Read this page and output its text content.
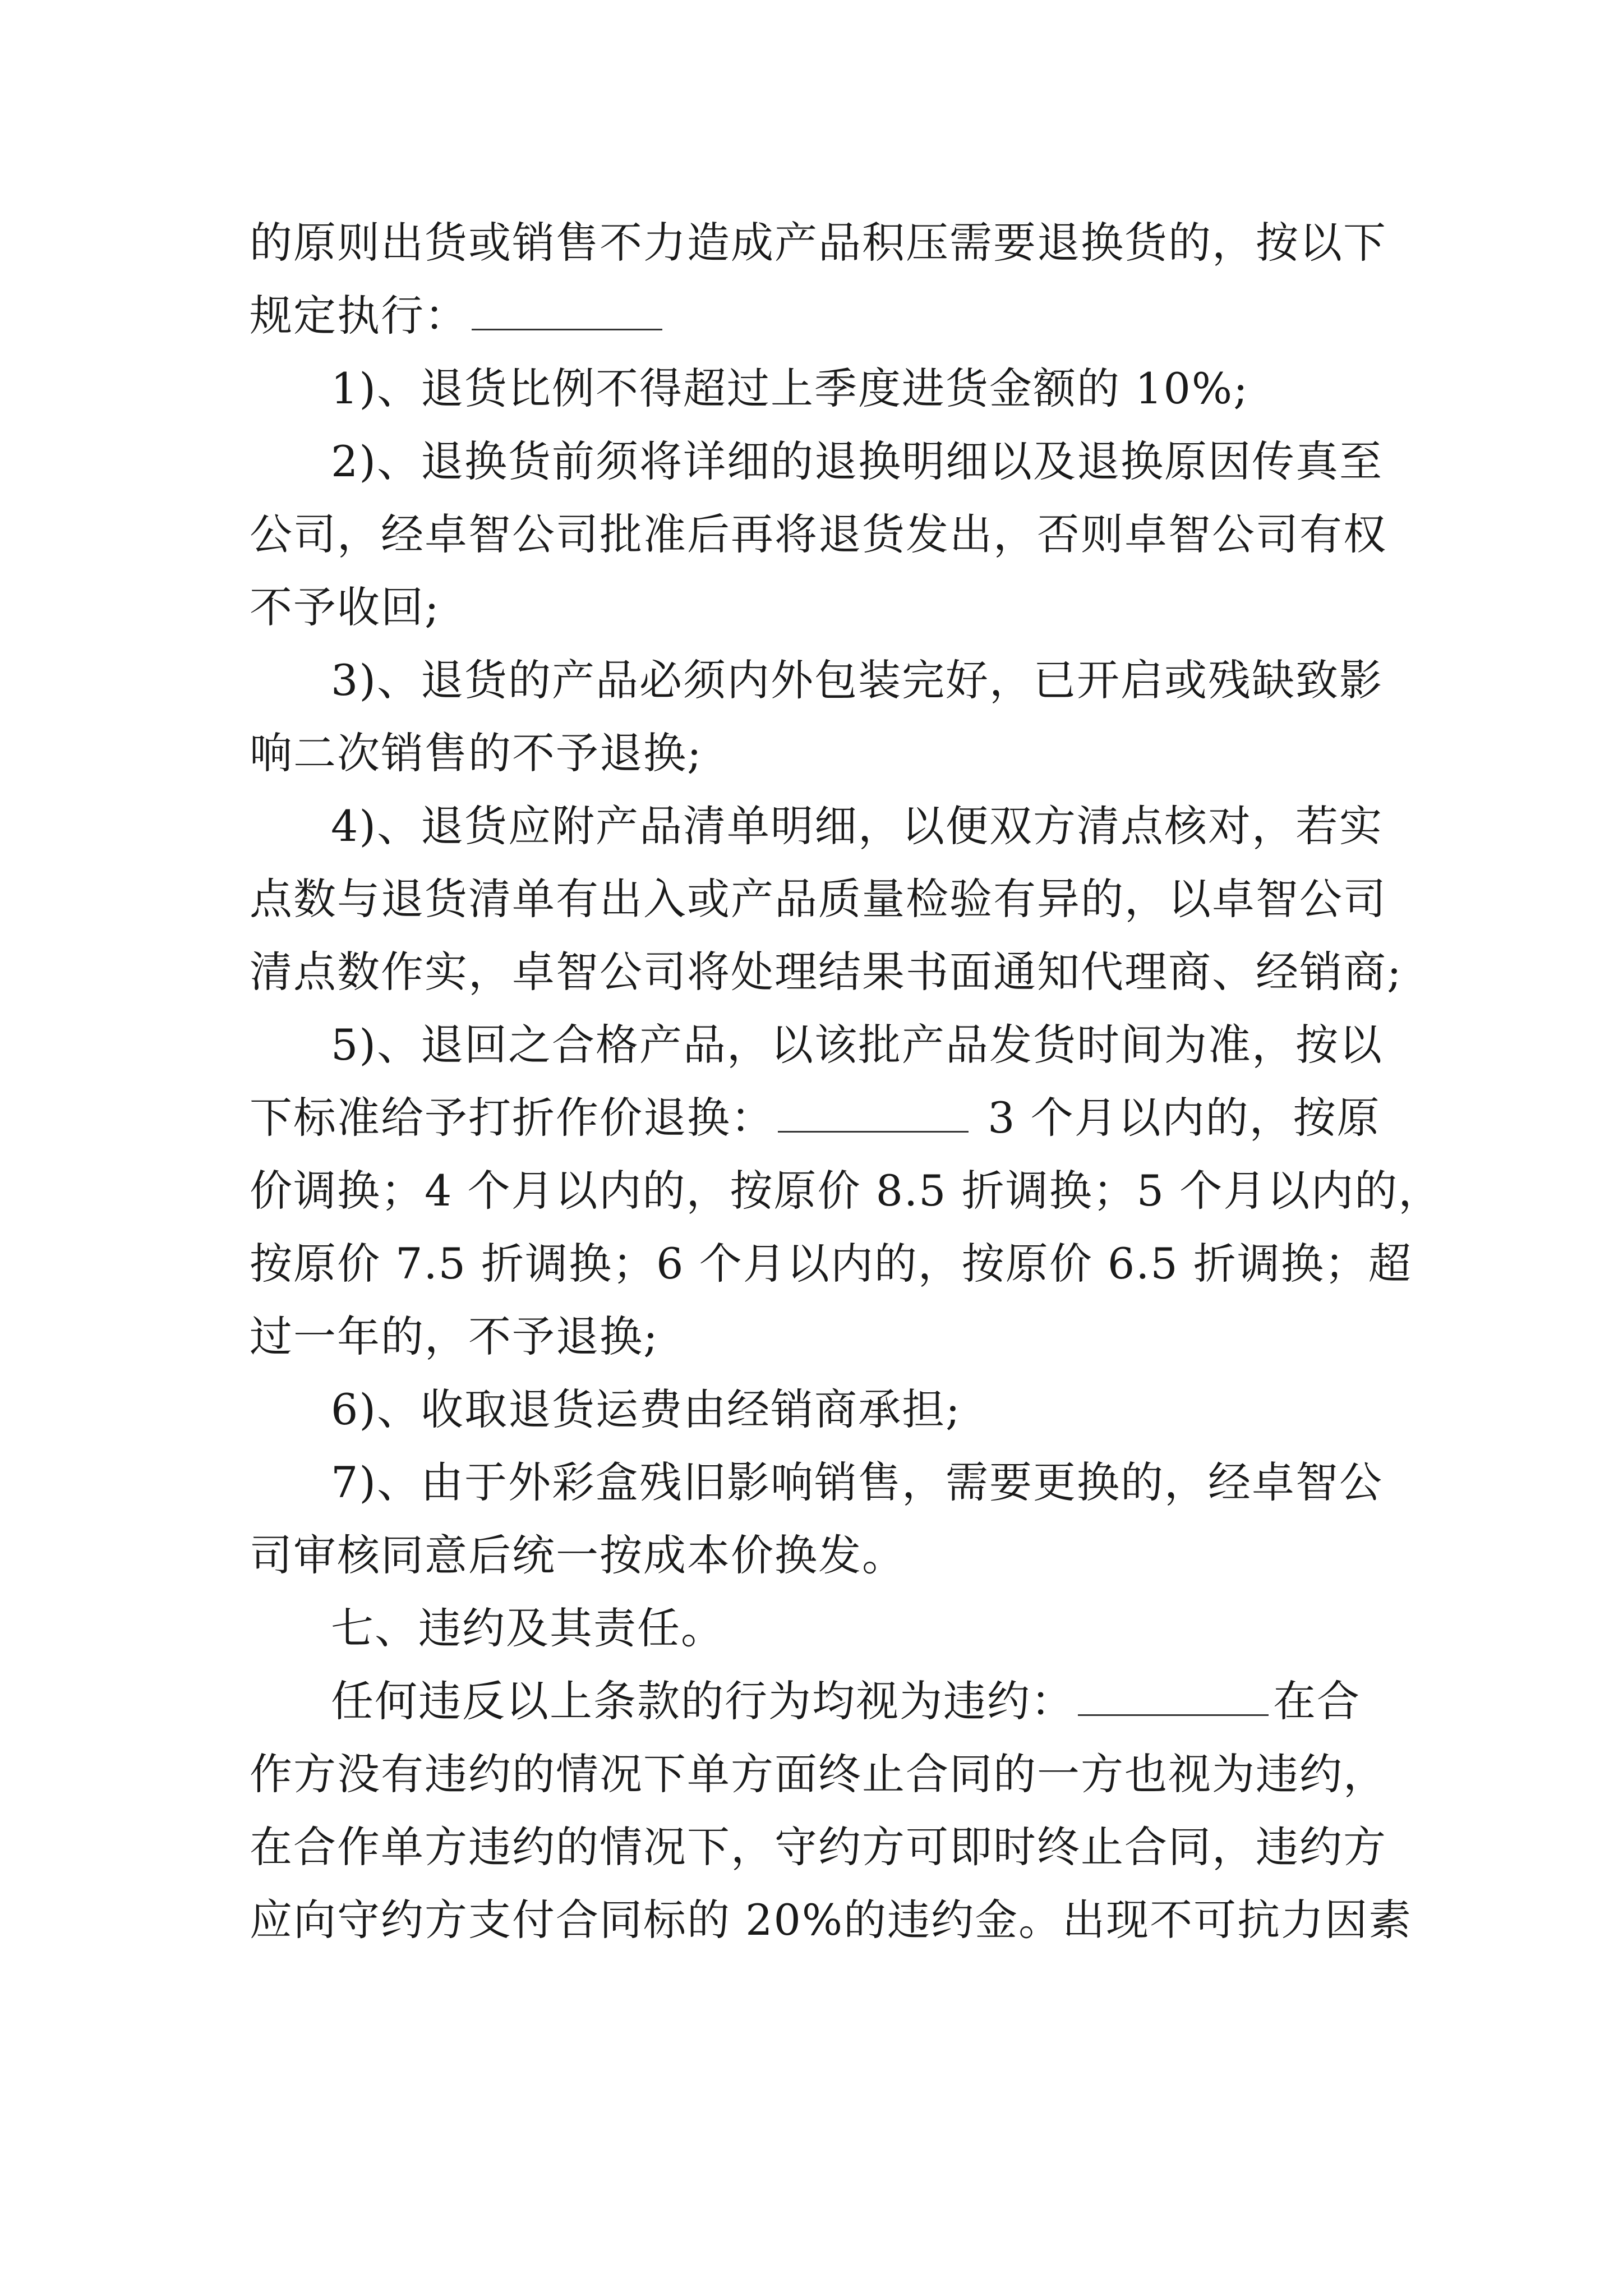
的原则出货或销售不力造成产品积压需要退换货的，按以下
规定执行：
1)、退货比例不得超过上季度进货金额的 10%;
2)、退换货前须将详细的退换明细以及退换原因传真至
公司，经卓智公司批准后再将退货发出，否则卓智公司有权
不予收回;
3)、退货的产品必须内外包装完好，已开启或残缺致影
响二次销售的不予退换;
4)、退货应附产品清单明细，以便双方清点核对，若实
点数与退货清单有出入或产品质量检验有异的，以卓智公司
清点数作实，卓智公司将处理结果书面通知代理商、经销商;
5)、退回之合格产品，以该批产品发货时间为准，按以
下标准给予打折作价退换：	3 个月以内的，按原
价调换；4 个月以内的，按原价 8.5 折调换；5 个月以内的，
按原价 7.5 折调换；6 个月以内的，按原价 6.5 折调换；超
过一年的，不予退换;
6)、收取退货运费由经销商承担;
7)、由于外彩盒残旧影响销售，需要更换的，经卓智公
司审核同意后统一按成本价换发。
七、违约及其责任。
任何违反以上条款的行为均视为违约：	在合
作方没有违约的情况下单方面终止合同的一方也视为违约，
在合作单方违约的情况下，守约方可即时终止合同，违约方
应向守约方支付合同标的 20%的违约金。出现不可抗力因素
